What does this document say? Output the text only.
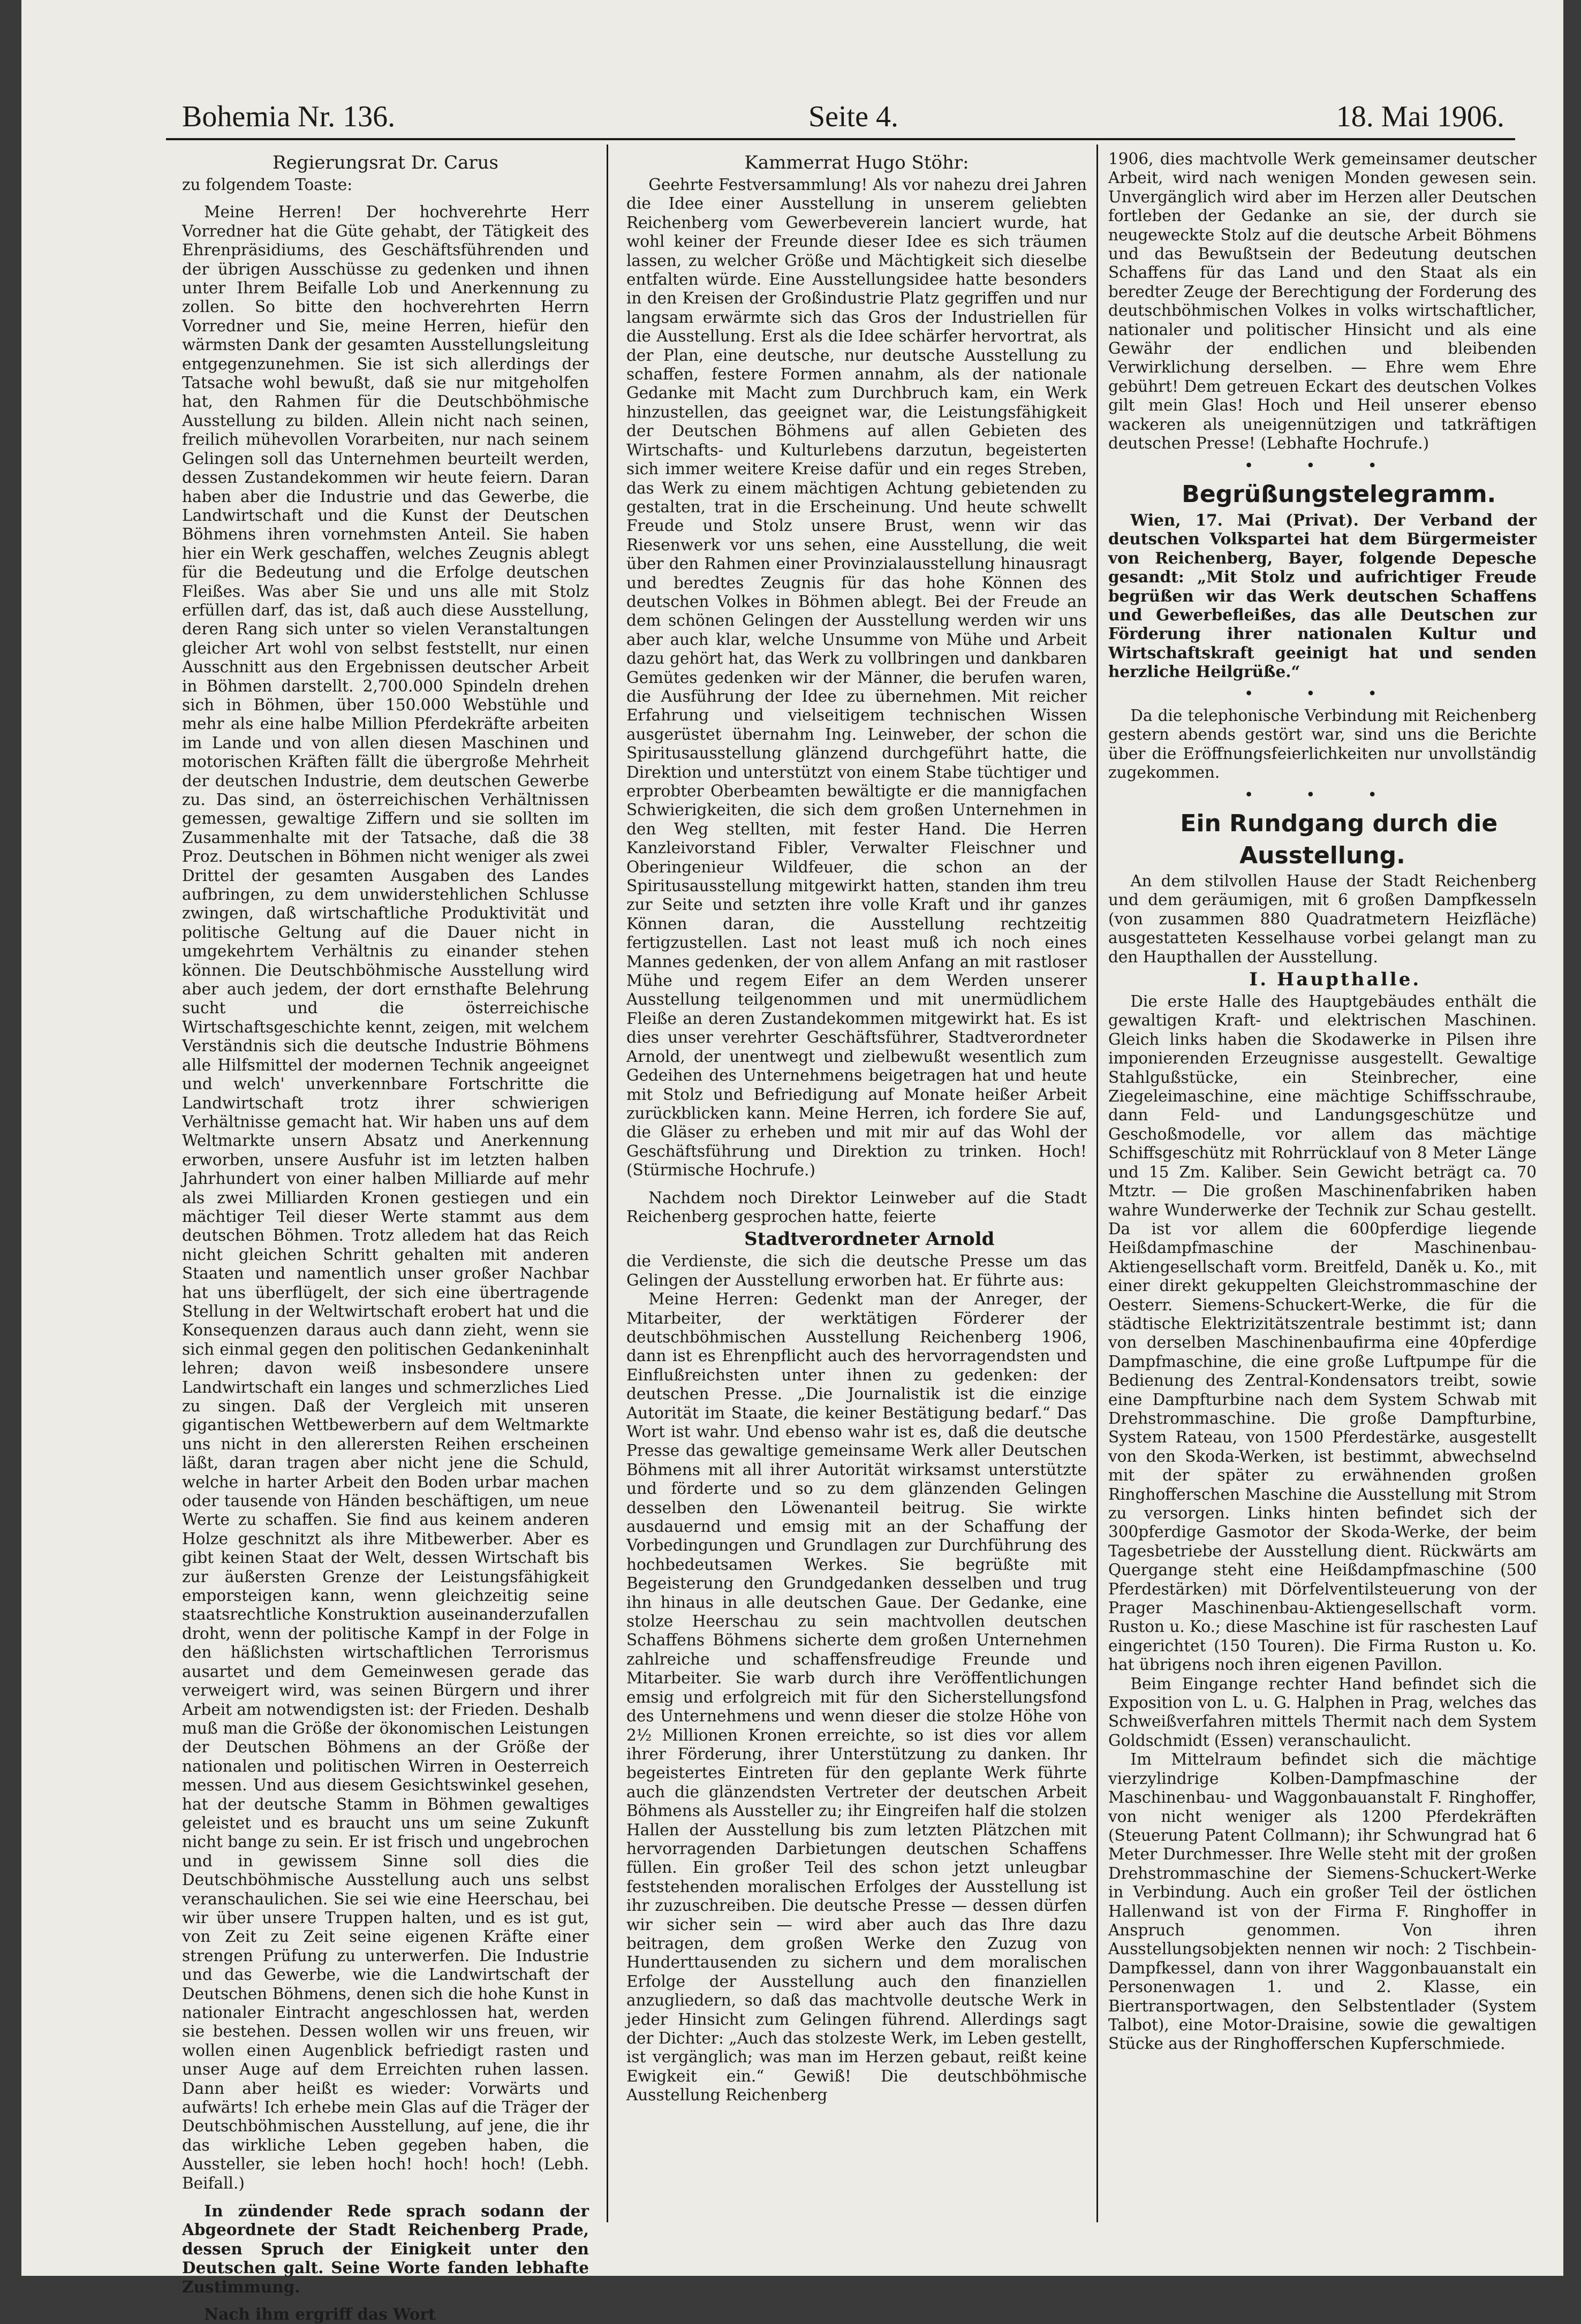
Bohemia Nr. 136.	Seite 4.	18. Mai 1906.

Regierungsrat Dr. Carus

zu folgendem Toaste:

Meine Herren! Der hochverehrte Herr Vorredner hat die Güte gehabt, der Tätigkeit des Ehrenpräsidiums, des Geschäftsführenden und der übrigen Ausschüsse zu gedenken und ihnen unter Ihrem Beifalle Lob und Anerkennung zu zollen. So bitte den hochverehrten Herrn Vorredner und Sie, meine Herren, hiefür den wärmsten Dank der gesamten Ausstellungsleitung entgegenzunehmen. Sie ist sich allerdings der Tatsache wohl bewußt, daß sie nur mitgeholfen hat, den Rahmen für die Deutschböhmische Ausstellung zu bilden. Allein nicht nach seinen, freilich mühevollen Vorarbeiten, nur nach seinem Gelingen soll das Unternehmen beurteilt werden, dessen Zustandekommen wir heute feiern. Daran haben aber die Industrie und das Gewerbe, die Landwirtschaft und die Kunst der Deutschen Böhmens ihren vornehmsten Anteil. Sie haben hier ein Werk geschaffen, welches Zeugnis ablegt für die Bedeutung und die Erfolge deutschen Fleißes. Was aber Sie und uns alle mit Stolz erfüllen darf, das ist, daß auch diese Ausstellung, deren Rang sich unter so vielen Veranstaltungen gleicher Art wohl von selbst feststellt, nur einen Ausschnitt aus den Ergebnissen deutscher Arbeit in Böhmen darstellt. 2,700.000 Spindeln drehen sich in Böhmen, über 150.000 Webstühle und mehr als eine halbe Million Pferdekräfte arbeiten im Lande und von allen diesen Maschinen und motorischen Kräften fällt die übergroße Mehrheit der deutschen Industrie, dem deutschen Gewerbe zu. Das sind, an österreichischen Verhältnissen gemessen, gewaltige Ziffern und sie sollten im Zusammenhalte mit der Tatsache, daß die 38 Proz. Deutschen in Böhmen nicht weniger als zwei Drittel der gesamten Ausgaben des Landes aufbringen, zu dem unwiderstehlichen Schlusse zwingen, daß wirtschaftliche Produktivität und politische Geltung auf die Dauer nicht in umgekehrtem Verhältnis zu einander stehen können. Die Deutschböhmische Ausstellung wird aber auch jedem, der dort ernsthafte Belehrung sucht und die österreichische Wirtschaftsgeschichte kennt, zeigen, mit welchem Verständnis sich die deutsche Industrie Böhmens alle Hilfsmittel der modernen Technik angeeignet und welch' unverkennbare Fortschritte die Landwirtschaft trotz ihrer schwierigen Verhältnisse gemacht hat. Wir haben uns auf dem Weltmarkte unsern Absatz und Anerkennung erworben, unsere Ausfuhr ist im letzten halben Jahrhundert von einer halben Milliarde auf mehr als zwei Milliarden Kronen gestiegen und ein mächtiger Teil dieser Werte stammt aus dem deutschen Böhmen. Trotz alledem hat das Reich nicht gleichen Schritt gehalten mit anderen Staaten und namentlich unser großer Nachbar hat uns überflügelt, der sich eine übertragende Stellung in der Weltwirtschaft erobert hat und die Konsequenzen daraus auch dann zieht, wenn sie sich einmal gegen den politischen Gedankeninhalt lehren; davon weiß insbesondere unsere Landwirtschaft ein langes und schmerzliches Lied zu singen. Daß der Vergleich mit unseren gigantischen Wettbewerbern auf dem Weltmarkte uns nicht in den allerersten Reihen erscheinen läßt, daran tragen aber nicht jene die Schuld, welche in harter Arbeit den Boden urbar machen oder tausende von Händen beschäftigen, um neue Werte zu schaffen. Sie find aus keinem anderen Holze geschnitzt als ihre Mitbewerber. Aber es gibt keinen Staat der Welt, dessen Wirtschaft bis zur äußersten Grenze der Leistungsfähigkeit emporsteigen kann, wenn gleichzeitig seine staatsrechtliche Konstruktion auseinanderzufallen droht, wenn der politische Kampf in der Folge in den häßlichsten wirtschaftlichen Terrorismus ausartet und dem Gemeinwesen gerade das verweigert wird, was seinen Bürgern und ihrer Arbeit am notwendigsten ist: der Frieden. Deshalb muß man die Größe der ökonomischen Leistungen der Deutschen Böhmens an der Größe der nationalen und politischen Wirren in Oesterreich messen. Und aus diesem Gesichtswinkel gesehen, hat der deutsche Stamm in Böhmen gewaltiges geleistet und es braucht uns um seine Zukunft nicht bange zu sein. Er ist frisch und ungebrochen und in gewissem Sinne soll dies die Deutschböhmische Ausstellung auch uns selbst veranschaulichen. Sie sei wie eine Heerschau, bei wir über unsere Truppen halten, und es ist gut, von Zeit zu Zeit seine eigenen Kräfte einer strengen Prüfung zu unterwerfen. Die Industrie und das Gewerbe, wie die Landwirtschaft der Deutschen Böhmens, denen sich die hohe Kunst in nationaler Eintracht angeschlossen hat, werden sie bestehen. Dessen wollen wir uns freuen, wir wollen einen Augenblick befriedigt rasten und unser Auge auf dem Erreichten ruhen lassen. Dann aber heißt es wieder: Vorwärts und aufwärts! Ich erhebe mein Glas auf die Träger der Deutschböhmischen Ausstellung, auf jene, die ihr das wirkliche Leben gegeben haben, die Aussteller, sie leben hoch! hoch! hoch! (Lebh. Beifall.)

In zündender Rede sprach sodann der Abgeordnete der Stadt Reichenberg Prade, dessen Spruch der Einigkeit unter den Deutschen galt. Seine Worte fanden lebhafte Zustimmung.

Nach ihm ergriff das Wort

Kammerrat Hugo Stöhr:

Geehrte Festversammlung! Als vor nahezu drei Jahren die Idee einer Ausstellung in unserem geliebten Reichenberg vom Gewerbeverein lanciert wurde, hat wohl keiner der Freunde dieser Idee es sich träumen lassen, zu welcher Größe und Mächtigkeit sich dieselbe entfalten würde. Eine Ausstellungsidee hatte besonders in den Kreisen der Großindustrie Platz gegriffen und nur langsam erwärmte sich das Gros der Industriellen für die Ausstellung. Erst als die Idee schärfer hervortrat, als der Plan, eine deutsche, nur deutsche Ausstellung zu schaffen, festere Formen annahm, als der nationale Gedanke mit Macht zum Durchbruch kam, ein Werk hinzustellen, das geeignet war, die Leistungsfähigkeit der Deutschen Böhmens auf allen Gebieten des Wirtschafts- und Kulturlebens darzutun, begeisterten sich immer weitere Kreise dafür und ein reges Streben, das Werk zu einem mächtigen Achtung gebietenden zu gestalten, trat in die Erscheinung. Und heute schwellt Freude und Stolz unsere Brust, wenn wir das Riesenwerk vor uns sehen, eine Ausstellung, die weit über den Rahmen einer Provinzialausstellung hinausragt und beredtes Zeugnis für das hohe Können des deutschen Volkes in Böhmen ablegt. Bei der Freude an dem schönen Gelingen der Ausstellung werden wir uns aber auch klar, welche Unsumme von Mühe und Arbeit dazu gehört hat, das Werk zu vollbringen und dankbaren Gemütes gedenken wir der Männer, die berufen waren, die Ausführung der Idee zu übernehmen. Mit reicher Erfahrung und vielseitigem technischen Wissen ausgerüstet übernahm Ing. Leinweber, der schon die Spiritusausstellung glänzend durchgeführt hatte, die Direktion und unterstützt von einem Stabe tüchtiger und erprobter Oberbeamten bewältigte er die mannigfachen Schwierigkeiten, die sich dem großen Unternehmen in den Weg stellten, mit fester Hand. Die Herren Kanzleivorstand Fibler, Verwalter Fleischner und Oberingenieur Wildfeuer, die schon an der Spiritusausstellung mitgewirkt hatten, standen ihm treu zur Seite und setzten ihre volle Kraft und ihr ganzes Können daran, die Ausstellung rechtzeitig fertigzustellen. Last not least muß ich noch eines Mannes gedenken, der von allem Anfang an mit rastloser Mühe und regem Eifer an dem Werden unserer Ausstellung teilgenommen und mit unermüdlichem Fleiße an deren Zustandekommen mitgewirkt hat. Es ist dies unser verehrter Geschäftsführer, Stadtverordneter Arnold, der unentwegt und zielbewußt wesentlich zum Gedeihen des Unternehmens beigetragen hat und heute mit Stolz und Befriedigung auf Monate heißer Arbeit zurückblicken kann. Meine Herren, ich fordere Sie auf, die Gläser zu erheben und mit mir auf das Wohl der Geschäftsführung und Direktion zu trinken. Hoch! (Stürmische Hochrufe.)

Nachdem noch Direktor Leinweber auf die Stadt Reichenberg gesprochen hatte, feierte

Stadtverordneter Arnold

die Verdienste, die sich die deutsche Presse um das Gelingen der Ausstellung erworben hat. Er führte aus:

Meine Herren: Gedenkt man der Anreger, der Mitarbeiter, der werktätigen Förderer der deutschböhmischen Ausstellung Reichenberg 1906, dann ist es Ehrenpflicht auch des hervorragendsten und Einflußreichsten unter ihnen zu gedenken: der deutschen Presse. „Die Journalistik ist die einzige Autorität im Staate, die keiner Bestätigung bedarf.“ Das Wort ist wahr. Und ebenso wahr ist es, daß die deutsche Presse das gewaltige gemeinsame Werk aller Deutschen Böhmens mit all ihrer Autorität wirksamst unterstützte und förderte und so zu dem glänzenden Gelingen desselben den Löwenanteil beitrug. Sie wirkte ausdauernd und emsig mit an der Schaffung der Vorbedingungen und Grundlagen zur Durchführung des hochbedeutsamen Werkes. Sie begrüßte mit Begeisterung den Grundgedanken desselben und trug ihn hinaus in alle deutschen Gaue. Der Gedanke, eine stolze Heerschau zu sein machtvollen deutschen Schaffens Böhmens sicherte dem großen Unternehmen zahlreiche und schaffensfreudige Freunde und Mitarbeiter. Sie warb durch ihre Veröffentlichungen emsig und erfolgreich mit für den Sicherstellungsfond des Unternehmens und wenn dieser die stolze Höhe von 2½ Millionen Kronen erreichte, so ist dies vor allem ihrer Förderung, ihrer Unterstützung zu danken. Ihr begeistertes Eintreten für den geplante Werk führte auch die glänzendsten Vertreter der deutschen Arbeit Böhmens als Aussteller zu; ihr Eingreifen half die stolzen Hallen der Ausstellung bis zum letzten Plätzchen mit hervorragenden Darbietungen deutschen Schaffens füllen. Ein großer Teil des schon jetzt unleugbar feststehenden moralischen Erfolges der Ausstellung ist ihr zuzuschreiben. Die deutsche Presse — dessen dürfen wir sicher sein — wird aber auch das Ihre dazu beitragen, dem großen Werke den Zuzug von Hunderttausenden zu sichern und dem moralischen Erfolge der Ausstellung auch den finanziellen anzugliedern, so daß das machtvolle deutsche Werk in jeder Hinsicht zum Gelingen führend. Allerdings sagt der Dichter: „Auch das stolzeste Werk, im Leben gestellt, ist vergänglich; was man im Herzen gebaut, reißt keine Ewigkeit ein.“ Gewiß! Die deutschböhmische Ausstellung Reichenberg

1906, dies machtvolle Werk gemeinsamer deutscher Arbeit, wird nach wenigen Monden gewesen sein. Unvergänglich wird aber im Herzen aller Deutschen fortleben der Gedanke an sie, der durch sie neugeweckte Stolz auf die deutsche Arbeit Böhmens und das Bewußtsein der Bedeutung deutschen Schaffens für das Land und den Staat als ein beredter Zeuge der Berechtigung der Forderung des deutschböhmischen Volkes in volks wirtschaftlicher, nationaler und politischer Hinsicht und als eine Gewähr der endlichen und bleibenden Verwirklichung derselben. — Ehre wem Ehre gebührt! Dem getreuen Eckart des deutschen Volkes gilt mein Glas! Hoch und Heil unserer ebenso wackeren als uneigennützigen und tatkräftigen deutschen Presse! (Lebhafte Hochrufe.)

• • •

Begrüßungstelegramm.

Wien, 17. Mai (Privat). Der Verband der deutschen Volkspartei hat dem Bürgermeister von Reichenberg, Bayer, folgende Depesche gesandt: „Mit Stolz und aufrichtiger Freude begrüßen wir das Werk deutschen Schaffens und Gewerbefleißes, das alle Deutschen zur Förderung ihrer nationalen Kultur und Wirtschaftskraft geeinigt hat und senden herzliche Heilgrüße.“

• • •

Da die telephonische Verbindung mit Reichenberg gestern abends gestört war, sind uns die Berichte über die Eröffnungsfeierlichkeiten nur unvollständig zugekommen.

• • •

Ein Rundgang durch die Ausstellung.

An dem stilvollen Hause der Stadt Reichenberg und dem geräumigen, mit 6 großen Dampfkesseln (von zusammen 880 Quadratmetern Heizfläche) ausgestatteten Kesselhause vorbei gelangt man zu den Haupthallen der Ausstellung.

I. Haupthalle.

Die erste Halle des Hauptgebäudes enthält die gewaltigen Kraft- und elektrischen Maschinen. Gleich links haben die Skodawerke in Pilsen ihre imponierenden Erzeugnisse ausgestellt. Gewaltige Stahlgußstücke, ein Steinbrecher, eine Ziegeleimaschine, eine mächtige Schiffsschraube, dann Feld- und Landungsgeschütze und Geschoßmodelle, vor allem das mächtige Schiffsgeschütz mit Rohrrücklauf von 8 Meter Länge und 15 Zm. Kaliber. Sein Gewicht beträgt ca. 70 Mtztr. — Die großen Maschinenfabriken haben wahre Wunderwerke der Technik zur Schau gestellt. Da ist vor allem die 600pferdige liegende Heißdampfmaschine der Maschinenbau-Aktiengesellschaft vorm. Breitfeld, Daněk u. Ko., mit einer direkt gekuppelten Gleichstrommaschine der Oesterr. Siemens-Schuckert-Werke, die für die städtische Elektrizitätszentrale bestimmt ist; dann von derselben Maschinenbaufirma eine 40pferdige Dampfmaschine, die eine große Luftpumpe für die Bedienung des Zentral-Kondensators treibt, sowie eine Dampfturbine nach dem System Schwab mit Drehstrommaschine. Die große Dampfturbine, System Rateau, von 1500 Pferdestärke, ausgestellt von den Skoda-Werken, ist bestimmt, abwechselnd mit der später zu erwähnenden großen Ringhofferschen Maschine die Ausstellung mit Strom zu versorgen. Links hinten befindet sich der 300pferdige Gasmotor der Skoda-Werke, der beim Tagesbetriebe der Ausstellung dient. Rückwärts am Quergange steht eine Heißdampfmaschine (500 Pferdestärken) mit Dörfelventilsteuerung von der Prager Maschinenbau-Aktiengesellschaft vorm. Ruston u. Ko.; diese Maschine ist für raschesten Lauf eingerichtet (150 Touren). Die Firma Ruston u. Ko. hat übrigens noch ihren eigenen Pavillon.

Beim Eingange rechter Hand befindet sich die Exposition von L. u. G. Halphen in Prag, welches das Schweißverfahren mittels Thermit nach dem System Goldschmidt (Essen) veranschaulicht.

Im Mittelraum befindet sich die mächtige vierzylindrige Kolben-Dampfmaschine der Maschinenbau- und Waggonbauanstalt F. Ringhoffer, von nicht weniger als 1200 Pferdekräften (Steuerung Patent Collmann); ihr Schwungrad hat 6 Meter Durchmesser. Ihre Welle steht mit der großen Drehstrommaschine der Siemens-Schuckert-Werke in Verbindung. Auch ein großer Teil der östlichen Hallenwand ist von der Firma F. Ringhoffer in Anspruch genommen. Von ihren Ausstellungsobjekten nennen wir noch: 2 Tischbein-Dampfkessel, dann von ihrer Waggonbauanstalt ein Personenwagen 1. und 2. Klasse, ein Biertransportwagen, den Selbstentlader (System Talbot), eine Motor-Draisine, sowie die gewaltigen Stücke aus der Ringhofferschen Kupferschmiede.
